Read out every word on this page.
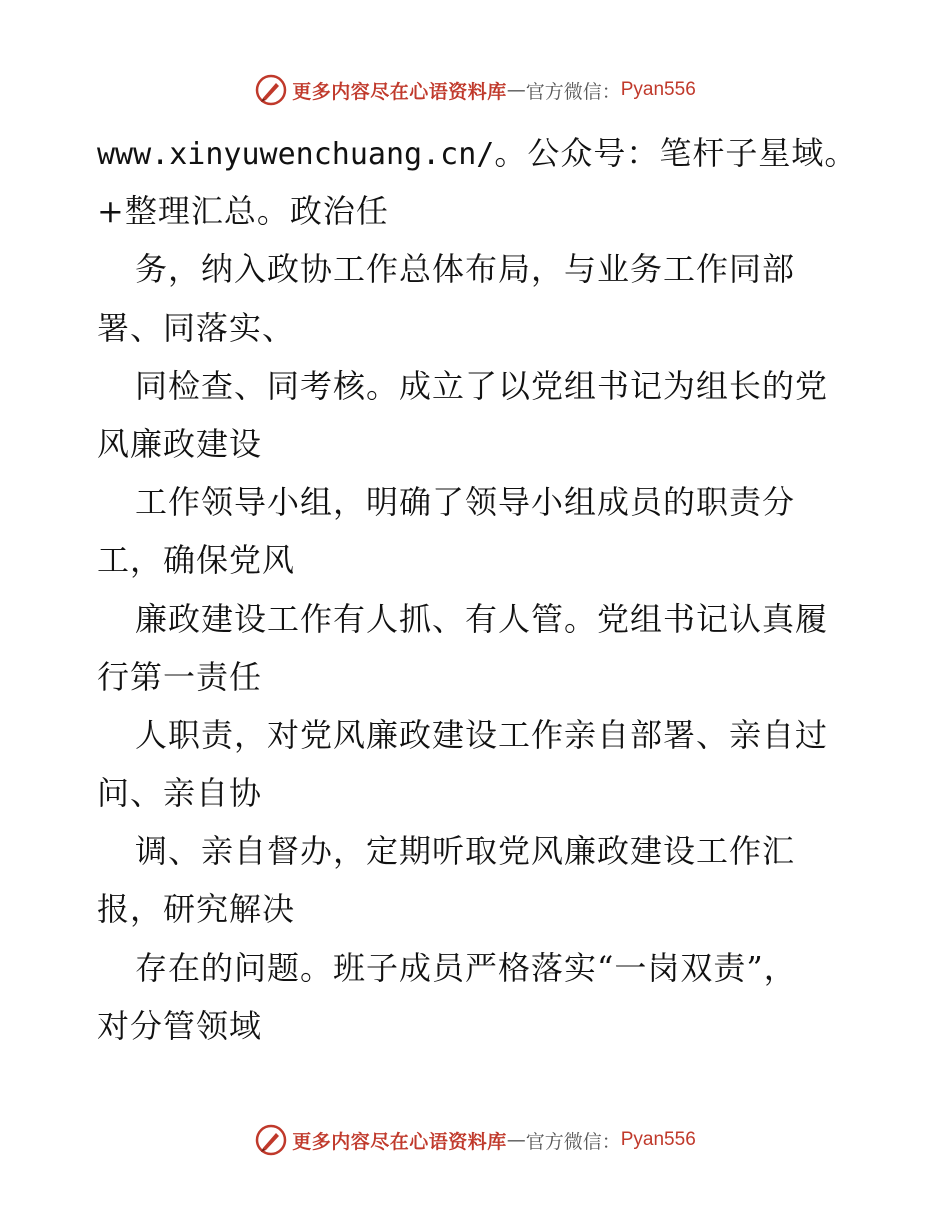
更多内容尽在心语资料库 — 官方微信： Pyan556
www.xinyuwenchuang.cn/。公众号：笔杆子星域。
+整理汇总。政治任
务，纳入政协工作总体布局，与业务工作同部
署、同落实、
同检查、同考核。成立了以党组书记为组长的党
风廉政建设
工作领导小组，明确了领导小组成员的职责分
工，确保党风
廉政建设工作有人抓、有人管。党组书记认真履
行第一责任
人职责，对党风廉政建设工作亲自部署、亲自过
问、亲自协
调、亲自督办，定期听取党风廉政建设工作汇
报，研究解决
存在的问题。班子成员严格落实“一岗双责”，
对分管领域
更多内容尽在心语资料库 — 官方微信： Pyan556
